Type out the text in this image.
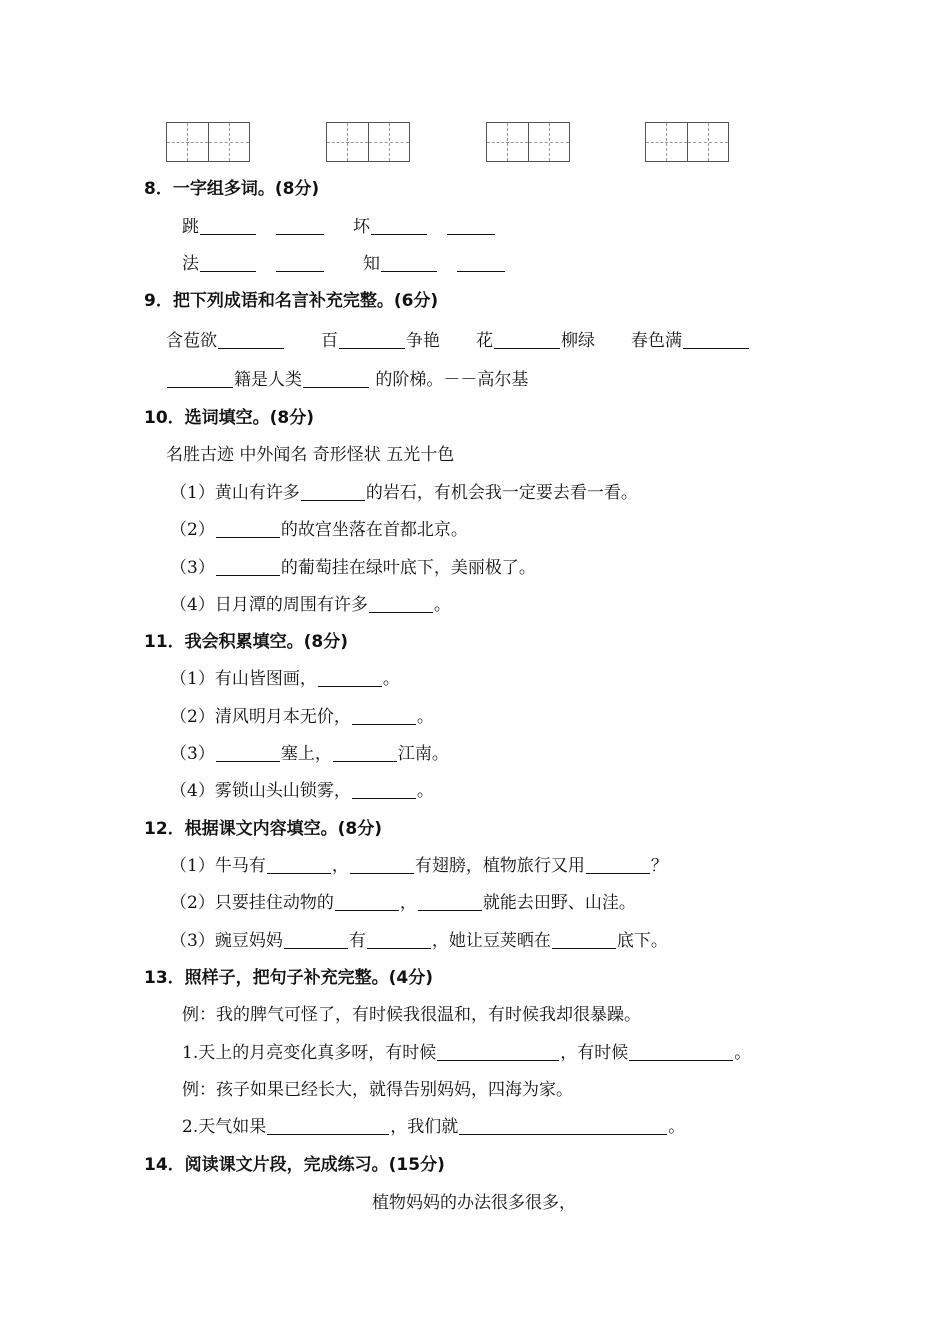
8．一字组多词。(8分)
跳	坏
法	知
9．把下列成语和名言补充完整。(6分)
含苞欲	百	争艳 花	柳绿 春色满
籍是人类	的阶梯。－－高尔基
10．选词填空。(8分)
名胜古迹 中外闻名 奇形怪状 五光十色
（1）黄山有许多	的岩石，有机会我一定要去看一看。
（2）	的故宫坐落在首都北京。
（3）	的葡萄挂在绿叶底下，美丽极了。
（4）日月潭的周围有许多	。
11．我会积累填空。(8分)
（1）有山皆图画，	。
（2）清风明月本无价，	。
（3）	塞上，	江南。
（4）雾锁山头山锁雾，	。
12．根据课文内容填空。(8分)
（1）牛马有	，	有翅膀，植物旅行又用	？
（2）只要挂住动物的	，	就能去田野、山洼。
（3）豌豆妈妈	有	，她让豆荚晒在	底下。
13．照样子，把句子补充完整。(4分)
例：我的脾气可怪了，有时候我很温和，有时候我却很暴躁。
1.天上的月亮变化真多呀，有时候	，有时候	。
例：孩子如果已经长大，就得告别妈妈，四海为家。
2.天气如果	，我们就	。
14．阅读课文片段，完成练习。(15分)
植物妈妈的办法很多很多，
